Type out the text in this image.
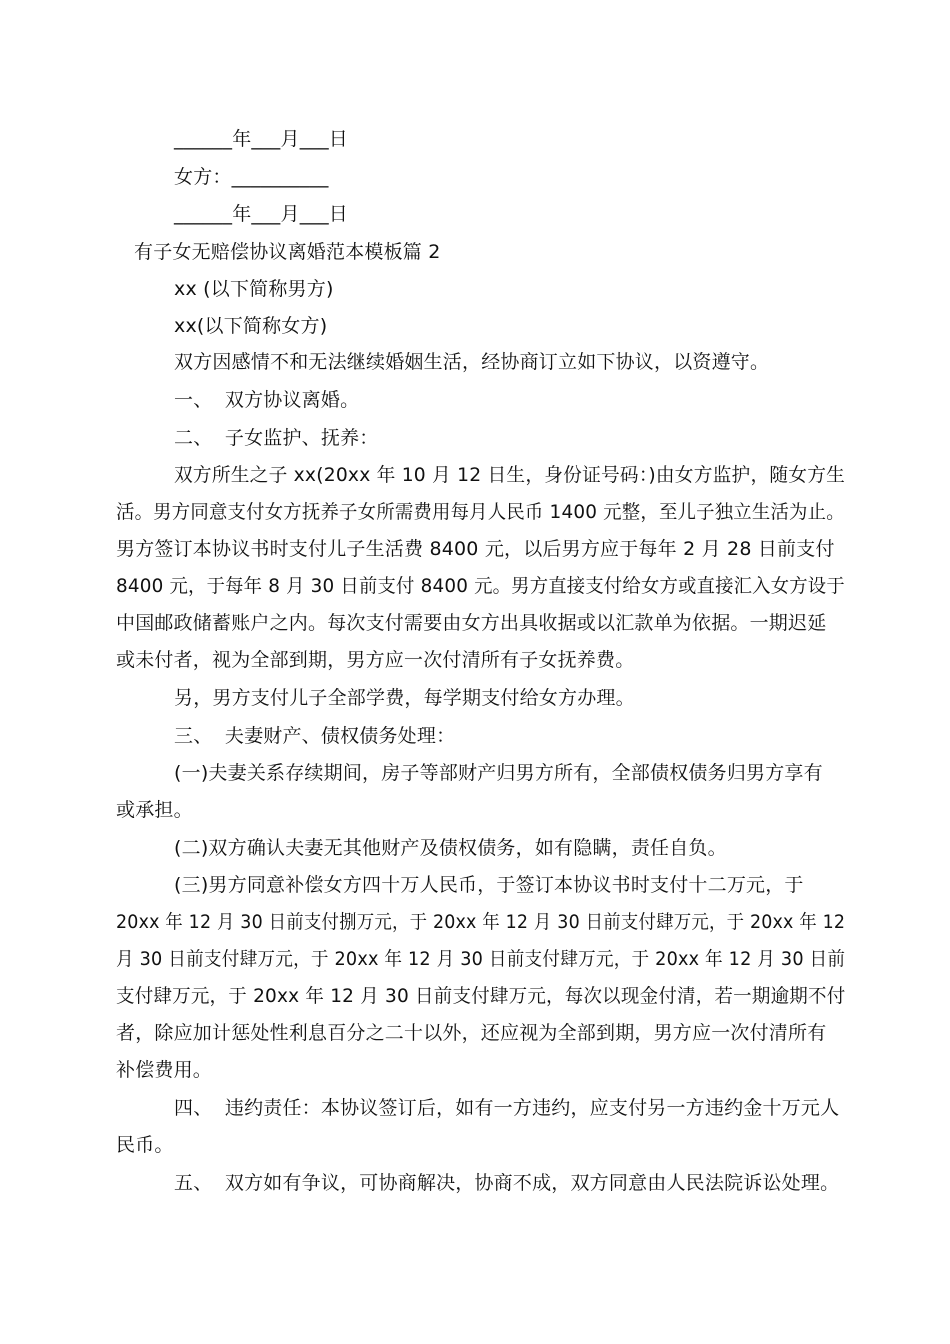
______年___月___日
女方：__________
______年___月___日
有子女无赔偿协议离婚范本模板篇 2
xx (以下简称男方)
xx(以下简称女方)
双方因感情不和无法继续婚姻生活，经协商订立如下协议，以资遵守。
一、  双方协议离婚。
二、  子女监护、抚养：
双方所生之子 xx(20xx 年 10 月 12 日生，身份证号码：)由女方监护，随女方生
活。男方同意支付女方抚养子女所需费用每月人民币 1400 元整，至儿子独立生活为止。
男方签订本协议书时支付儿子生活费 8400 元，以后男方应于每年 2 月 28 日前支付
8400 元，于每年 8 月 30 日前支付 8400 元。男方直接支付给女方或直接汇入女方设于
中国邮政储蓄账户之内。每次支付需要由女方出具收据或以汇款单为依据。一期迟延
或未付者，视为全部到期，男方应一次付清所有子女抚养费。
另，男方支付儿子全部学费，每学期支付给女方办理。
三、  夫妻财产、债权债务处理：
(一)夫妻关系存续期间，房子等部财产归男方所有，全部债权债务归男方享有
或承担。
(二)双方确认夫妻无其他财产及债权债务，如有隐瞒，责任自负。
(三)男方同意补偿女方四十万人民币，于签订本协议书时支付十二万元，于
20xx 年 12 月 30 日前支付捌万元，于 20xx 年 12 月 30 日前支付肆万元，于 20xx 年 12
月 30 日前支付肆万元，于 20xx 年 12 月 30 日前支付肆万元，于 20xx 年 12 月 30 日前
支付肆万元，于 20xx 年 12 月 30 日前支付肆万元，每次以现金付清，若一期逾期不付
者，除应加计惩处性利息百分之二十以外，还应视为全部到期，男方应一次付清所有
补偿费用。
四、  违约责任：本协议签订后，如有一方违约，应支付另一方违约金十万元人
民币。
五、  双方如有争议，可协商解决，协商不成，双方同意由人民法院诉讼处理。
